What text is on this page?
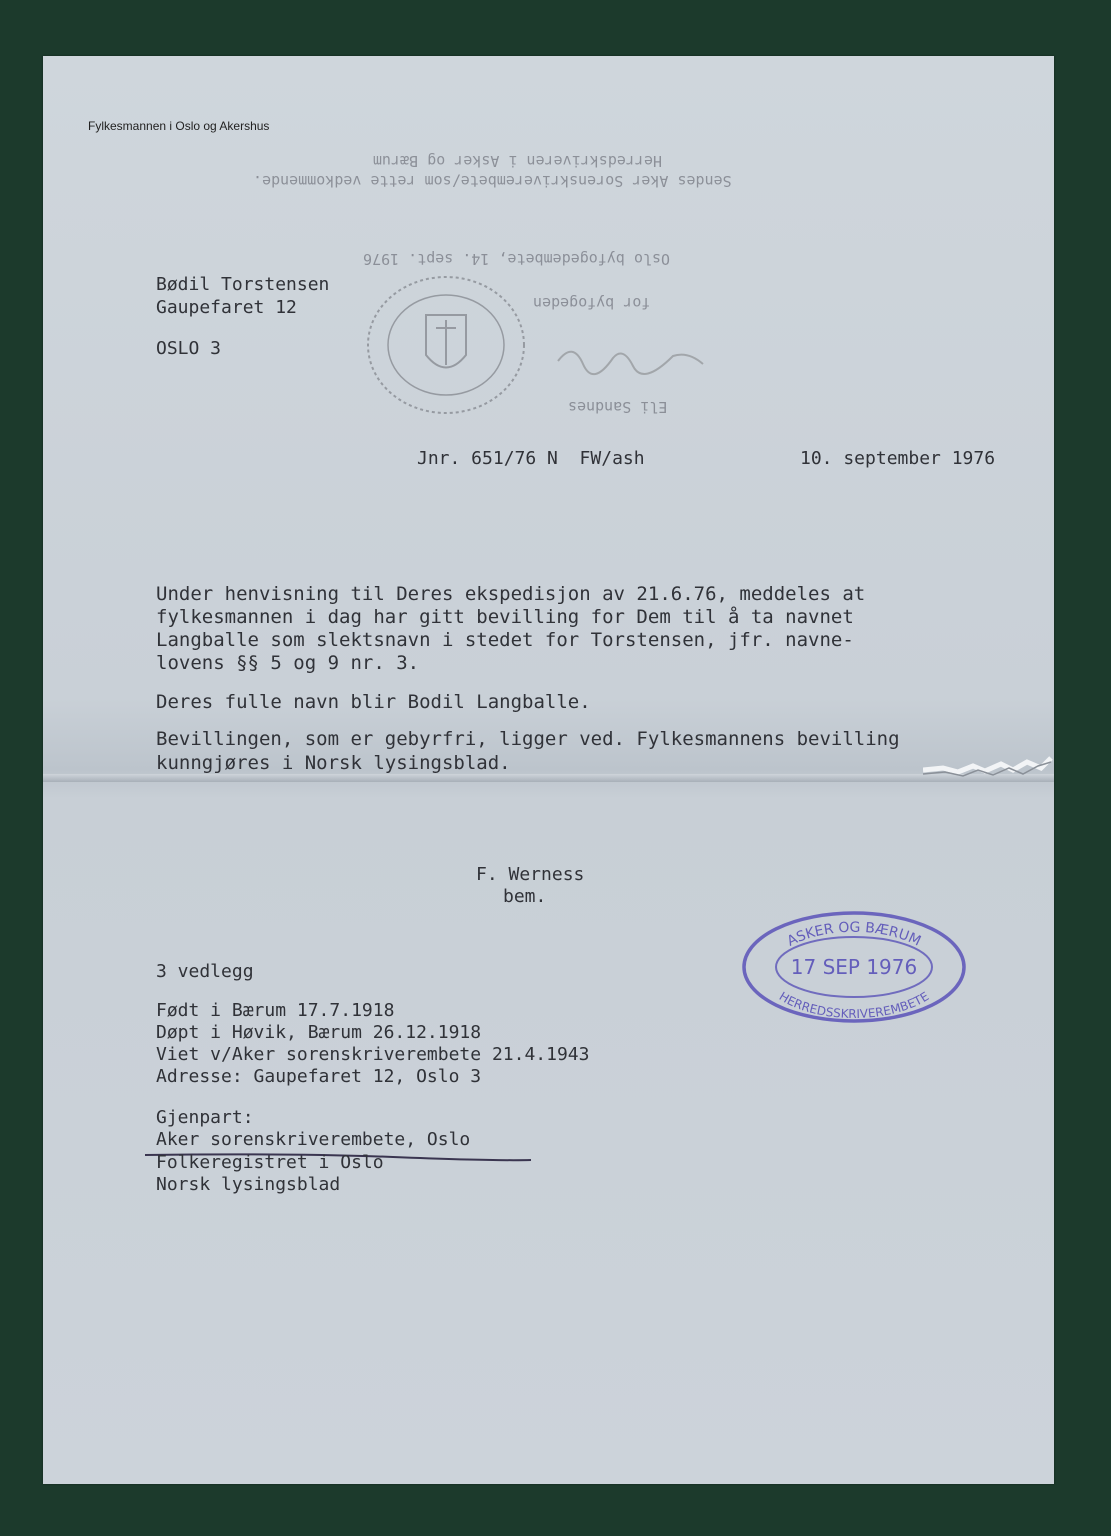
Fylkesmannen i Oslo og Akershus
Herredskriveren i Asker og Bærum
Sendes Aker Sorenskriverembete/som rette vedkommende.
Oslo byfogedembete, 14. sept. 1976
for byfogeden
Eli Sandnes
Bødil Torstensen
Gaupefaret 12
OSLO 3
Jnr. 651/76 N  FW/ash	10. september 1976
Under henvisning til Deres ekspedisjon av 21.6.76, meddeles at
fylkesmannen i dag har gitt bevilling for Dem til å ta navnet
Langballe som slektsnavn i stedet for Torstensen, jfr. navne-
lovens §§ 5 og 9 nr. 3.
Deres fulle navn blir Bodil Langballe.
Bevillingen, som er gebyrfri, ligger ved. Fylkesmannens bevilling
kunngjøres i Norsk lysingsblad.
F. Werness
bem.
ASKER OG BÆRUM
17 SEP 1976
HERREDSSKRIVEREMBETE
3 vedlegg
Født i Bærum 17.7.1918
Døpt i Høvik, Bærum 26.12.1918
Viet v/Aker sorenskriverembete 21.4.1943
Adresse: Gaupefaret 12, Oslo 3
Gjenpart:
Aker sorenskriverembete, Oslo
Folkeregistret i Oslo
Norsk lysingsblad
